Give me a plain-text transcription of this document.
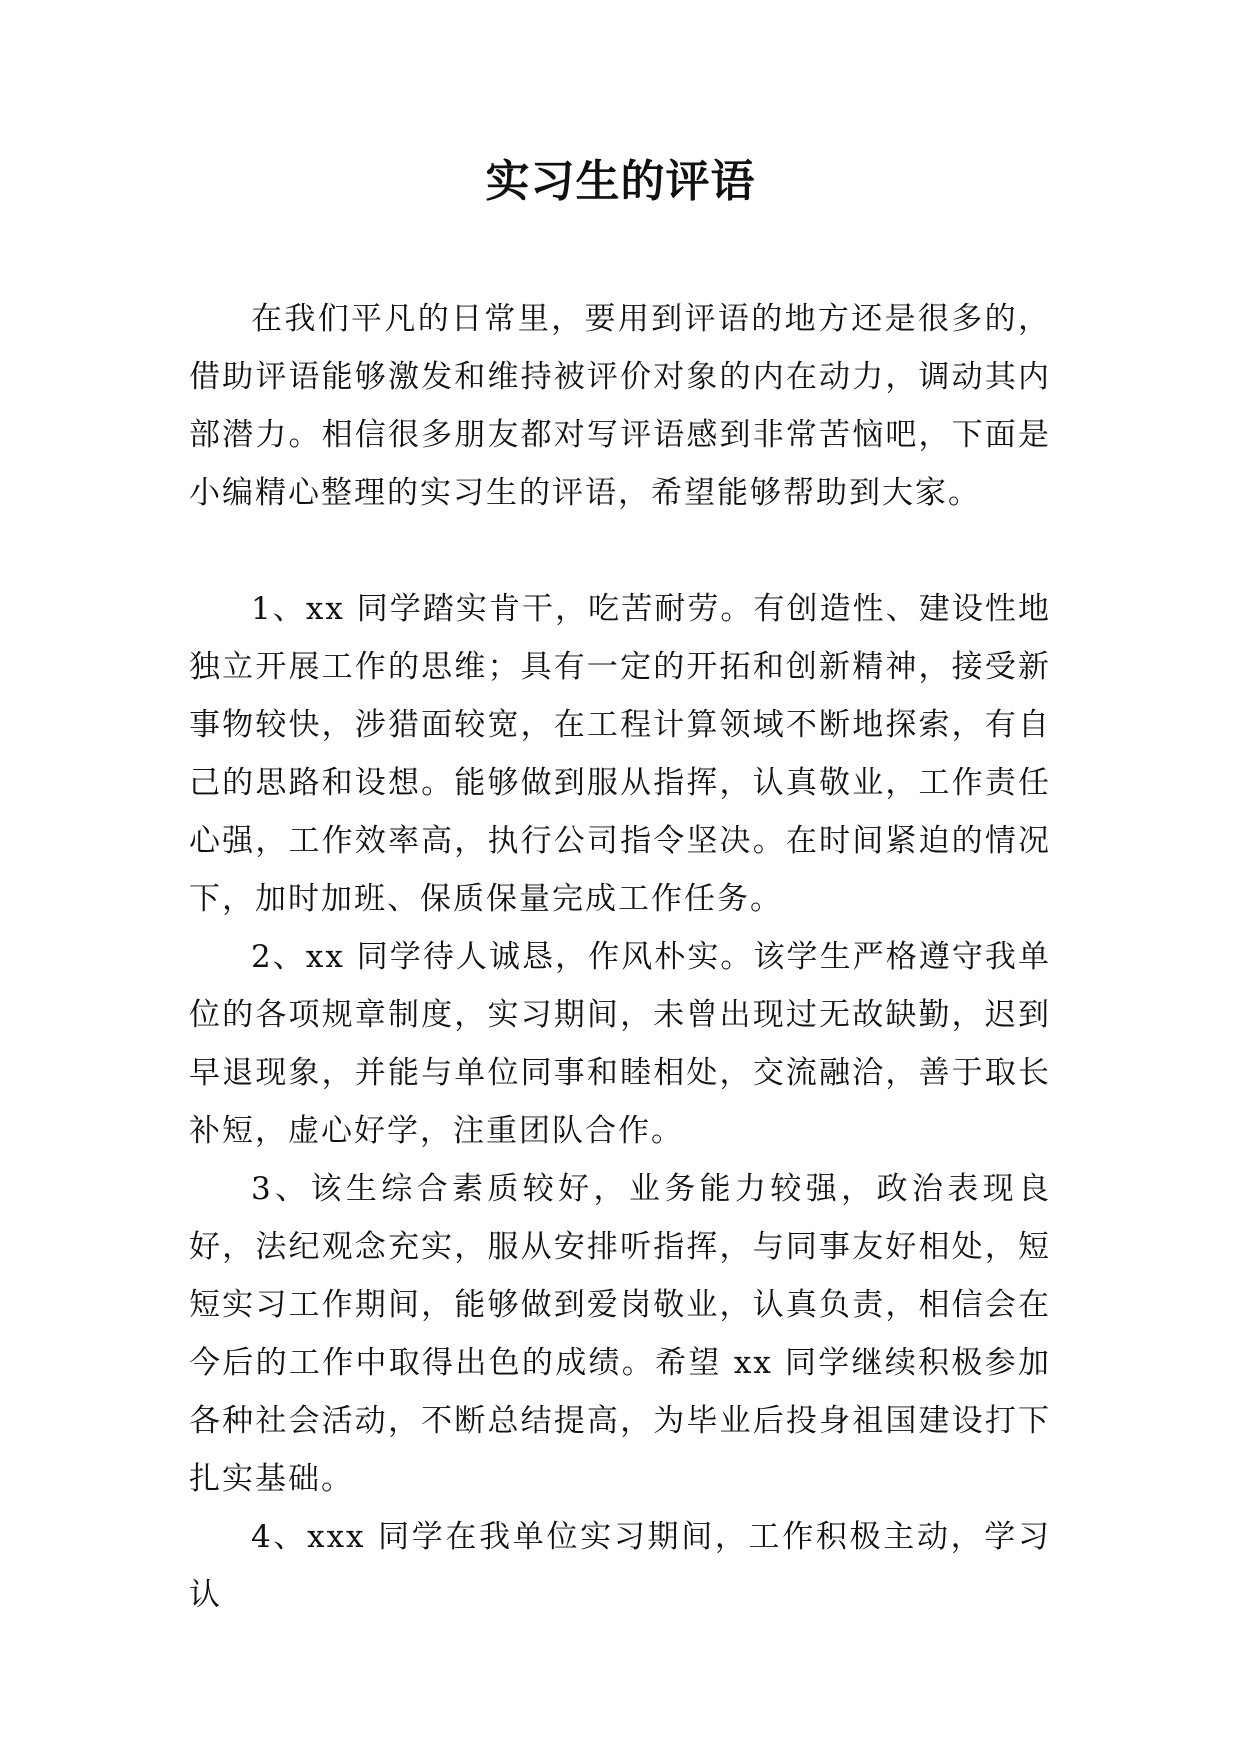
实习生的评语

在我们平凡的日常里，要用到评语的地方还是很多的，借助评语能够激发和维持被评价对象的内在动力，调动其内部潜力。相信很多朋友都对写评语感到非常苦恼吧，下面是小编精心整理的实习生的评语，希望能够帮助到大家。

1、xx 同学踏实肯干，吃苦耐劳。有创造性、建设性地独立开展工作的思维；具有一定的开拓和创新精神，接受新事物较快，涉猎面较宽，在工程计算领域不断地探索，有自己的思路和设想。能够做到服从指挥，认真敬业，工作责任心强，工作效率高，执行公司指令坚决。在时间紧迫的情况下，加时加班、保质保量完成工作任务。

2、xx 同学待人诚恳，作风朴实。该学生严格遵守我单位的各项规章制度，实习期间，未曾出现过无故缺勤，迟到早退现象，并能与单位同事和睦相处，交流融洽，善于取长补短，虚心好学，注重团队合作。

3、该生综合素质较好，业务能力较强，政治表现良好，法纪观念充实，服从安排听指挥，与同事友好相处，短短实习工作期间，能够做到爱岗敬业，认真负责，相信会在今后的工作中取得出色的成绩。希望 xx 同学继续积极参加各种社会活动，不断总结提高，为毕业后投身祖国建设打下扎实基础。

4、xxx 同学在我单位实习期间，工作积极主动，学习认
